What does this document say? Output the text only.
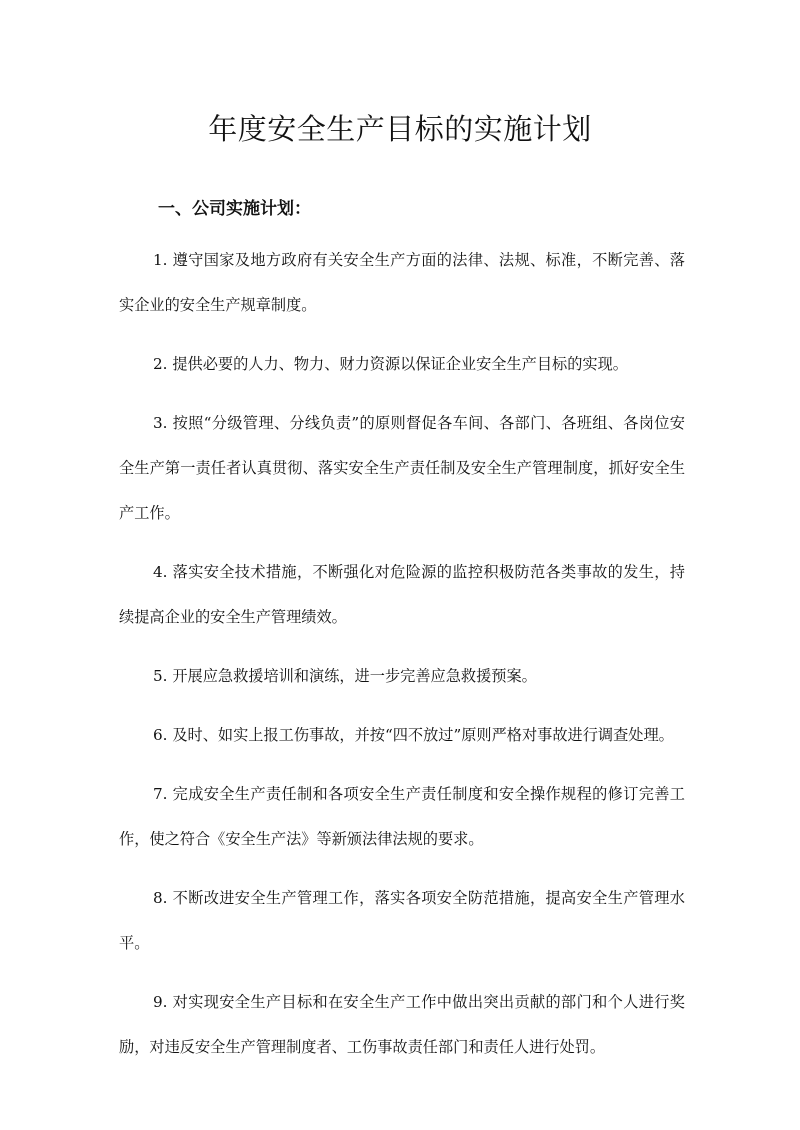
年度安全生产目标的实施计划
一、公司实施计划：

1. 遵守国家及地方政府有关安全生产方面的法律、法规、标准，不断完善、落实企业的安全生产规章制度。

2. 提供必要的人力、物力、财力资源以保证企业安全生产目标的实现。

3. 按照“分级管理、分线负责”的原则督促各车间、各部门、各班组、各岗位安全生产第一责任者认真贯彻、落实安全生产责任制及安全生产管理制度，抓好安全生产工作。

4. 落实安全技术措施，不断强化对危险源的监控积极防范各类事故的发生，持续提高企业的安全生产管理绩效。

5. 开展应急救援培训和演练，进一步完善应急救援预案。

6. 及时、如实上报工伤事故，并按“四不放过”原则严格对事故进行调查处理。

7. 完成安全生产责任制和各项安全生产责任制度和安全操作规程的修订完善工作，使之符合《安全生产法》等新颁法律法规的要求。

8. 不断改进安全生产管理工作，落实各项安全防范措施，提高安全生产管理水平。

9. 对实现安全生产目标和在安全生产工作中做出突出贡献的部门和个人进行奖励，对违反安全生产管理制度者、工伤事故责任部门和责任人进行处罚。
